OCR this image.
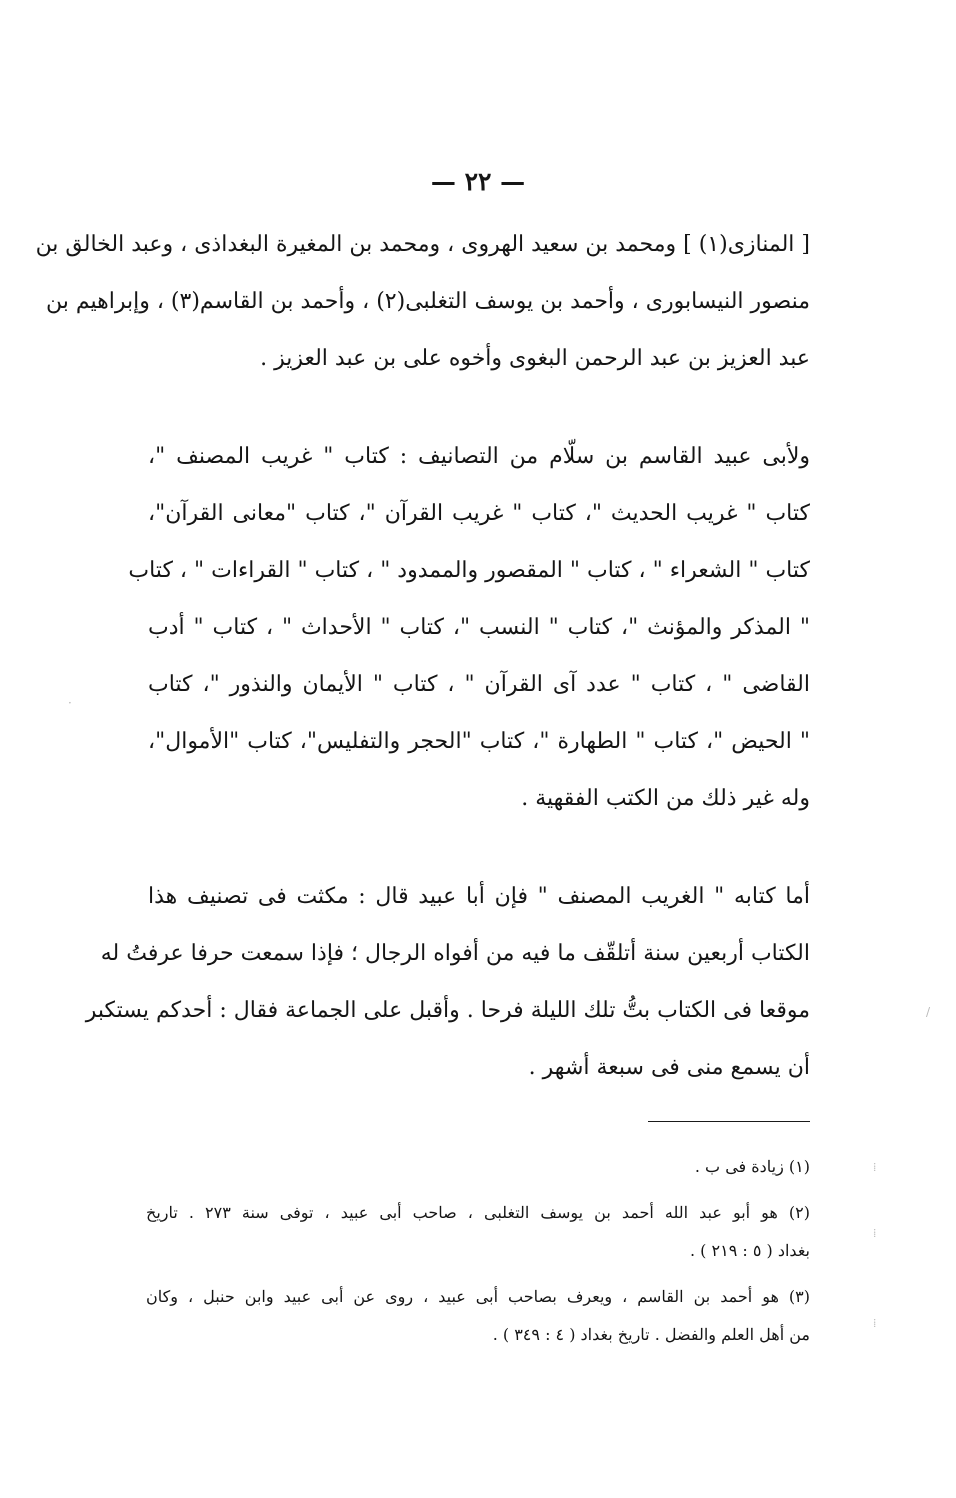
— ٢٢ —
[ المنازى(١) ] ومحمد بن سعيد الهروى ، ومحمد بن المغيرة البغداذى ، وعبد الخالق بن
منصور النيسابورى ، وأحمد بن يوسف التغلبى(٢) ، وأحمد بن القاسم(٣) ، وإبراهيم بن
عبد العزيز بن عبد الرحمن البغوى وأخوه على بن عبد العزيز .
ولأبى عبيد القاسم بن سلّام من التصانيف : كتاب " غريب المصنف "،
كتاب " غريب الحديث "، كتاب " غريب القرآن "، كتاب "معانى القرآن"،
كتاب " الشعراء " ، كتاب " المقصور والممدود " ، كتاب " القراءات " ، كتاب
" المذكر والمؤنث "، كتاب " النسب "، كتاب " الأحداث " ، كتاب " أدب
القاضى " ، كتاب " عدد آى القرآن " ، كتاب " الأيمان والنذور "، كتاب
" الحيض "، كتاب " الطهارة "، كتاب "الحجر والتفليس"، كتاب "الأموال"،
وله غير ذلك من الكتب الفقهية .
أما كتابه " الغريب المصنف " فإن أبا عبيد قال : مكثت فى تصنيف هذا
الكتاب أربعين سنة أتلقّف ما فيه من أفواه الرجال ؛ فإذا سمعت حرفا عرفتُ له
موقعا فى الكتاب بتُّ تلك الليلة فرحا . وأقبل على الجماعة فقال : أحدكم يستكبر
أن يسمع منى فى سبعة أشهر .
(١) زيادة فى ب .
(٢) هو أبو عبد الله أحمد بن يوسف التغلبى ، صاحب أبى عبيد ، توفى سنة ٢٧٣ . تاريخ
بغداد ( ٥ : ٢١٩ ) .
(٣) هو أحمد بن القاسم ، ويعرف بصاحب أبى عبيد ، روى عن أبى عبيد وابن حنبل ، وكان
من أهل العلم والفضل . تاريخ بغداد ( ٤ : ٣٤٩ ) .
/
⁞
⁞
⁞
·
